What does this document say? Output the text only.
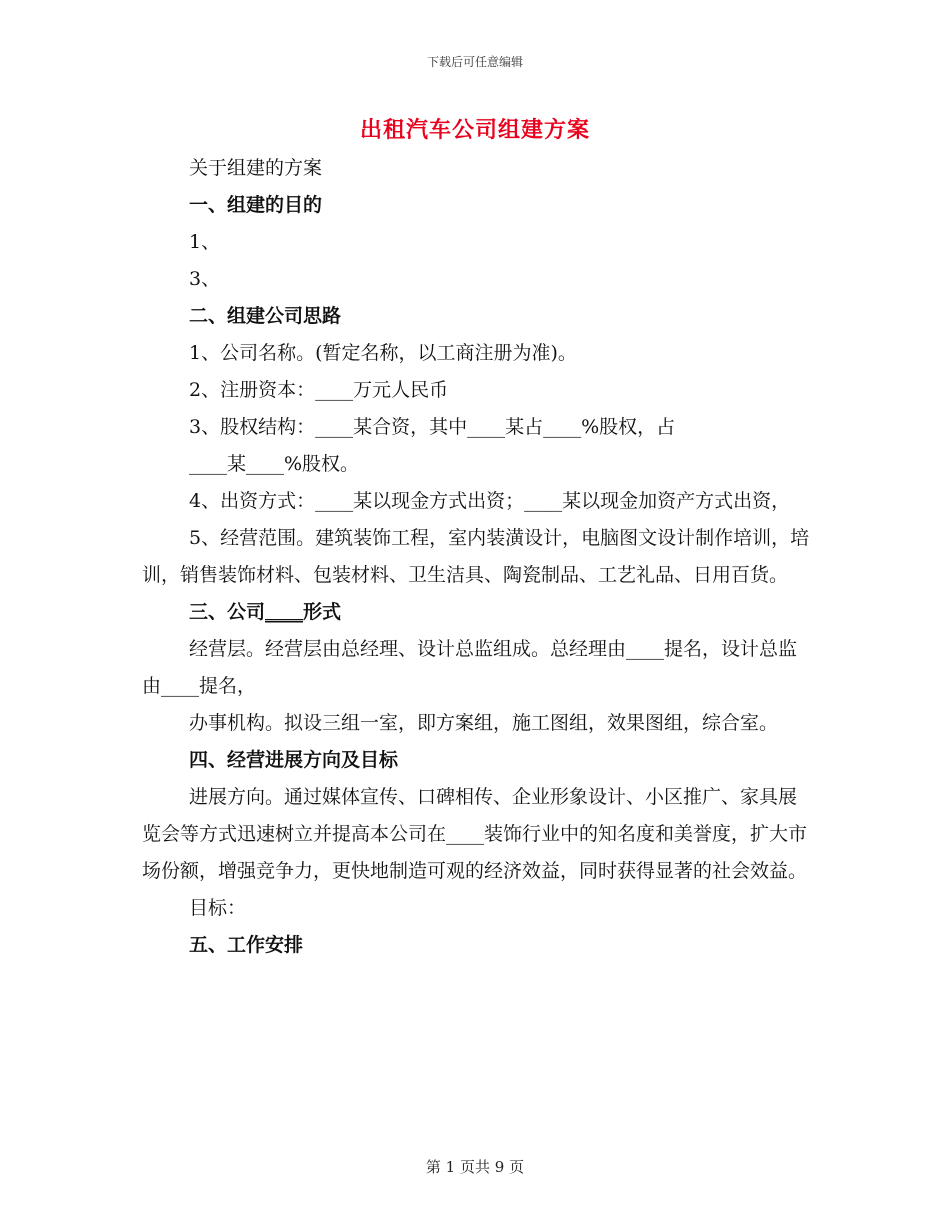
下载后可任意编辑
出租汽车公司组建方案

关于组建的方案

一、组建的目的

1、

3、

二、组建公司思路

1、公司名称。(暂定名称，以工商注册为准)。

2、注册资本：____万元人民币

3、股权结构：____某合资，其中____某占____%股权，占

____某____%股权。

4、出资方式：____某以现金方式出资；____某以现金加资产方式出资，

5、经营范围。建筑装饰工程，室内装潢设计，电脑图文设计制作培训，培训，销售装饰材料、包装材料、卫生洁具、陶瓷制品、工艺礼品、日用百货。

三、公司____形式

经营层。经营层由总经理、设计总监组成。总经理由____提名，设计总监由____提名，

办事机构。拟设三组一室，即方案组，施工图组，效果图组，综合室。

四、经营进展方向及目标

进展方向。通过媒体宣传、口碑相传、企业形象设计、小区推广、家具展览会等方式迅速树立并提高本公司在____装饰行业中的知名度和美誉度，扩大市场份额，增强竞争力，更快地制造可观的经济效益，同时获得显著的社会效益。

目标：

五、工作安排

第 1 页共 9 页
